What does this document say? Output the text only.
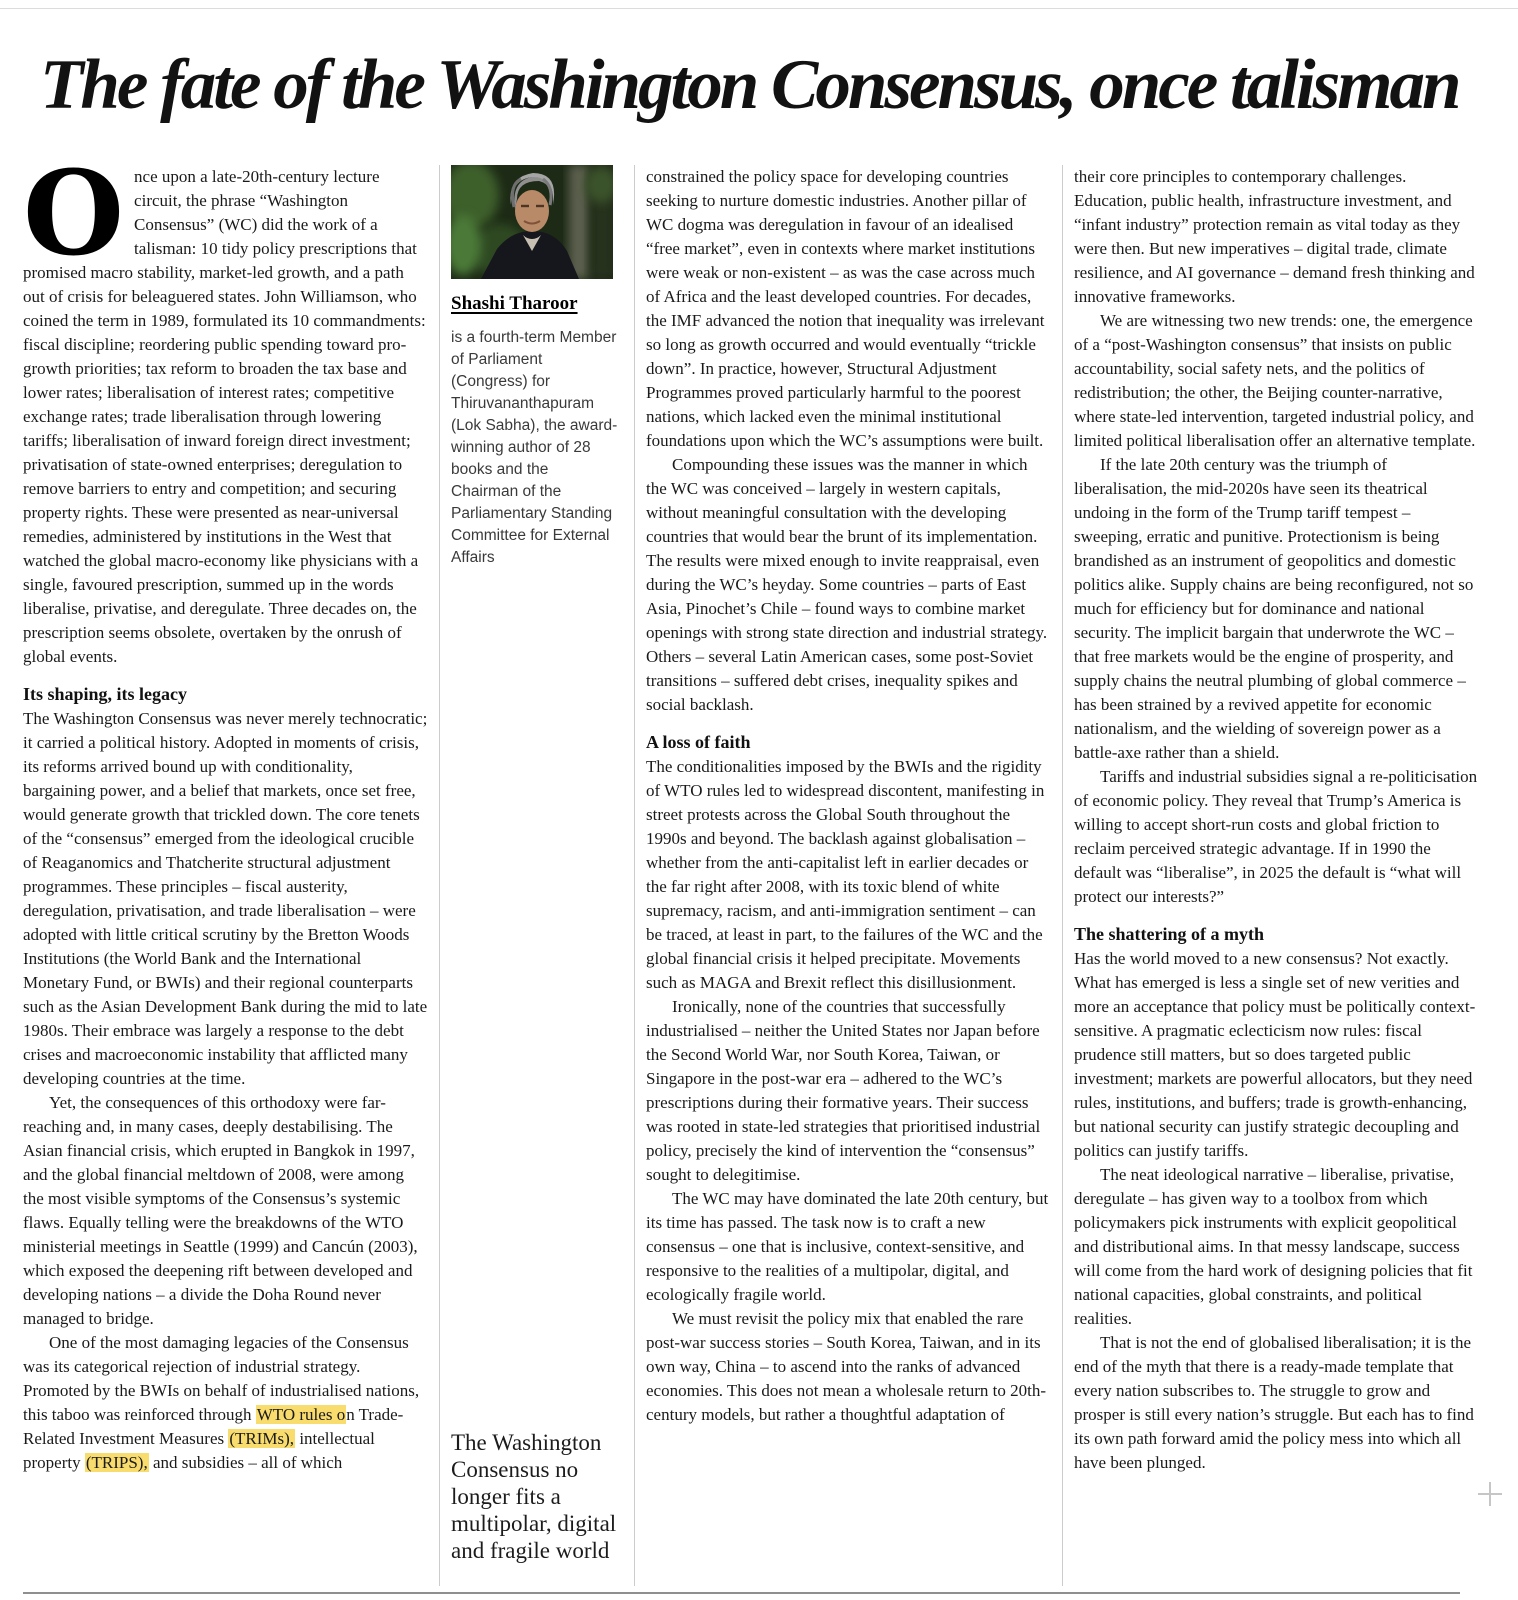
The fate of the Washington Consensus, once talisman

Once upon a late-20th-century lecture circuit, the phrase “Washington Consensus” (WC) did the work of a talisman: 10 tidy policy prescriptions that promised macro stability, market-led growth, and a path out of crisis for beleaguered states. John Williamson, who coined the term in 1989, formulated its 10 commandments: fiscal discipline; reordering public spending toward pro-growth priorities; tax reform to broaden the tax base and lower rates; liberalisation of interest rates; competitive exchange rates; trade liberalisation through lowering tariffs; liberalisation of inward foreign direct investment; privatisation of state-owned enterprises; deregulation to remove barriers to entry and competition; and securing property rights. These were presented as near-universal remedies, administered by institutions in the West that watched the global macro-economy like physicians with a single, favoured prescription, summed up in the words liberalise, privatise, and deregulate. Three decades on, the prescription seems obsolete, overtaken by the onrush of global events.

Its shaping, its legacy

The Washington Consensus was never merely technocratic; it carried a political history. Adopted in moments of crisis, its reforms arrived bound up with conditionality, bargaining power, and a belief that markets, once set free, would generate growth that trickled down. The core tenets of the “consensus” emerged from the ideological crucible of Reaganomics and Thatcherite structural adjustment programmes. These principles – fiscal austerity, deregulation, privatisation, and trade liberalisation – were adopted with little critical scrutiny by the Bretton Woods Institutions (the World Bank and the International Monetary Fund, or BWIs) and their regional counterparts such as the Asian Development Bank during the mid to late 1980s. Their embrace was largely a response to the debt crises and macroeconomic instability that afflicted many developing countries at the time.

Yet, the consequences of this orthodoxy were far-reaching and, in many cases, deeply destabilising. The Asian financial crisis, which erupted in Bangkok in 1997, and the global financial meltdown of 2008, were among the most visible symptoms of the Consensus’s systemic flaws. Equally telling were the breakdowns of the WTO ministerial meetings in Seattle (1999) and Cancún (2003), which exposed the deepening rift between developed and developing nations – a divide the Doha Round never managed to bridge.

One of the most damaging legacies of the Consensus was its categorical rejection of industrial strategy. Promoted by the BWIs on behalf of industrialised nations, this taboo was reinforced through WTO rules on Trade-Related Investment Measures (TRIMs), intellectual property (TRIPS), and subsidies – all of which

Shashi Tharoor

is a fourth-term Member of Parliament (Congress) for Thiruvananthapuram (Lok Sabha), the award-winning author of 28 books and the Chairman of the Parliamentary Standing Committee for External Affairs

The Washington Consensus no longer fits a multipolar, digital and fragile world

constrained the policy space for developing countries seeking to nurture domestic industries. Another pillar of WC dogma was deregulation in favour of an idealised “free market”, even in contexts where market institutions were weak or non-existent – as was the case across much of Africa and the least developed countries. For decades, the IMF advanced the notion that inequality was irrelevant so long as growth occurred and would eventually “trickle down”. In practice, however, Structural Adjustment Programmes proved particularly harmful to the poorest nations, which lacked even the minimal institutional foundations upon which the WC’s assumptions were built.

Compounding these issues was the manner in which the WC was conceived – largely in western capitals, without meaningful consultation with the developing countries that would bear the brunt of its implementation. The results were mixed enough to invite reappraisal, even during the WC’s heyday. Some countries – parts of East Asia, Pinochet’s Chile – found ways to combine market openings with strong state direction and industrial strategy. Others – several Latin American cases, some post-Soviet transitions – suffered debt crises, inequality spikes and social backlash.

A loss of faith

The conditionalities imposed by the BWIs and the rigidity of WTO rules led to widespread discontent, manifesting in street protests across the Global South throughout the 1990s and beyond. The backlash against globalisation – whether from the anti-capitalist left in earlier decades or the far right after 2008, with its toxic blend of white supremacy, racism, and anti-immigration sentiment – can be traced, at least in part, to the failures of the WC and the global financial crisis it helped precipitate. Movements such as MAGA and Brexit reflect this disillusionment.

Ironically, none of the countries that successfully industrialised – neither the United States nor Japan before the Second World War, nor South Korea, Taiwan, or Singapore in the post-war era – adhered to the WC’s prescriptions during their formative years. Their success was rooted in state-led strategies that prioritised industrial policy, precisely the kind of intervention the “consensus” sought to delegitimise.

The WC may have dominated the late 20th century, but its time has passed. The task now is to craft a new consensus – one that is inclusive, context-sensitive, and responsive to the realities of a multipolar, digital, and ecologically fragile world.

We must revisit the policy mix that enabled the rare post-war success stories – South Korea, Taiwan, and in its own way, China – to ascend into the ranks of advanced economies. This does not mean a wholesale return to 20th-century models, but rather a thoughtful adaptation of

their core principles to contemporary challenges. Education, public health, infrastructure investment, and “infant industry” protection remain as vital today as they were then. But new imperatives – digital trade, climate resilience, and AI governance – demand fresh thinking and innovative frameworks.

We are witnessing two new trends: one, the emergence of a “post-Washington consensus” that insists on public accountability, social safety nets, and the politics of redistribution; the other, the Beijing counter-narrative, where state-led intervention, targeted industrial policy, and limited political liberalisation offer an alternative template.

If the late 20th century was the triumph of liberalisation, the mid-2020s have seen its theatrical undoing in the form of the Trump tariff tempest – sweeping, erratic and punitive. Protectionism is being brandished as an instrument of geopolitics and domestic politics alike. Supply chains are being reconfigured, not so much for efficiency but for dominance and national security. The implicit bargain that underwrote the WC – that free markets would be the engine of prosperity, and supply chains the neutral plumbing of global commerce – has been strained by a revived appetite for economic nationalism, and the wielding of sovereign power as a battle-axe rather than a shield.

Tariffs and industrial subsidies signal a re-politicisation of economic policy. They reveal that Trump’s America is willing to accept short-run costs and global friction to reclaim perceived strategic advantage. If in 1990 the default was “liberalise”, in 2025 the default is “what will protect our interests?”

The shattering of a myth

Has the world moved to a new consensus? Not exactly. What has emerged is less a single set of new verities and more an acceptance that policy must be politically context-sensitive. A pragmatic eclecticism now rules: fiscal prudence still matters, but so does targeted public investment; markets are powerful allocators, but they need rules, institutions, and buffers; trade is growth-enhancing, but national security can justify strategic decoupling and politics can justify tariffs.

The neat ideological narrative – liberalise, privatise, deregulate – has given way to a toolbox from which policymakers pick instruments with explicit geopolitical and distributional aims. In that messy landscape, success will come from the hard work of designing policies that fit national capacities, global constraints, and political realities.

That is not the end of globalised liberalisation; it is the end of the myth that there is a ready-made template that every nation subscribes to. The struggle to grow and prosper is still every nation’s struggle. But each has to find its own path forward amid the policy mess into which all have been plunged.
